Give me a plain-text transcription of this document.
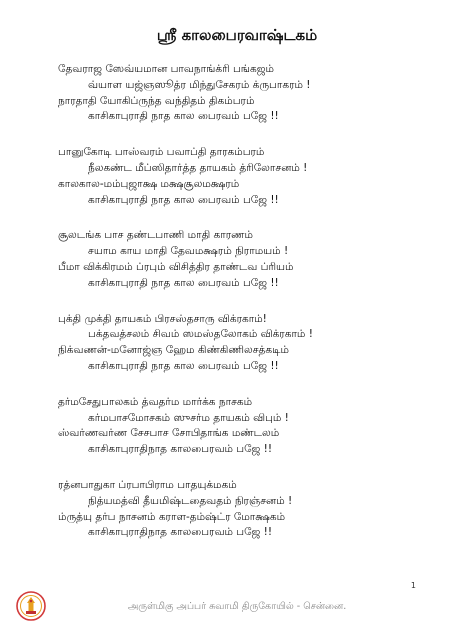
ஸ்ரீ காலபைரவாஷ்டகம்
தேவராஜ ஸேவ்யமான பாவநாங்க்ரி பங்கஜம்
வ்யாள யஜ்ஞஸூத்ர மிந்துசேகரம் க்ருபாகரம் !
நாரதாதி யோகிப்ருந்த வந்திதம் திகம்பரம்
காசிகாபுராதி நாத கால பைரவம் பஜே !!
பானுகோடி பாஸ்வரம் பவாப்தி தாரகம்பரம்
நீலகண்ட மீப்ஸிதார்த்த தாயகம் த்ரிலோசனம் !
காலகால-மம்புஜாக்ஷ மக்ஷசூலமக்ஷரம்
காசிகாபுராதி நாத கால பைரவம் பஜே !!
சூலடங்க பாச தண்டபாணி மாதி காரணம்
சயாம காய மாதி தேவமக்ஷரம் நிராமயம் !
பீமா விக்கிரமம் ப்ரபும் விசித்திர தாண்டவ ப்ரியம்
காசிகாபுராதி நாத கால பைரவம் பஜே !!
புக்தி முக்தி தாயகம் பிரசஸ்தசாரு விக்ரகாம்!
பக்தவத்சலம் சிவம் ஸமஸ்தலோகம் விக்ரகாம் !
நிக்வணன்-மனோஜ்ஞ ஹேம கிண்கிணிலசத்கடிம்
காசிகாபுராதி நாத கால பைரவம் பஜே !!
தர்மசேதுபாலகம் த்வதர்ம மார்க்க நாசகம்
கர்மபாசமோசகம் ஸுசர்ம தாயகம் விபும் !
ஸ்வர்ணவர்ண சேசபாச சோபிதாங்க மண்டலம்
காசிகாபுராதிநாத காலபைரவம் பஜே !!
ரத்னபாதுகா ப்ரபாபிராம பாதயுக்மகம்
நித்யமத்வி தீயமிஷ்டதைவதம் நிரஞ்சனம் !
ம்ருத்யு தர்ப நாசனம் கராள-தம்ஷ்ட்ர மோக்ஷகம்
காசிகாபுராதிநாத காலபைரவம் பஜே !!
1
அருள்மிகு அப்பர் சுவாமி திருகோயில் - சென்னை.
